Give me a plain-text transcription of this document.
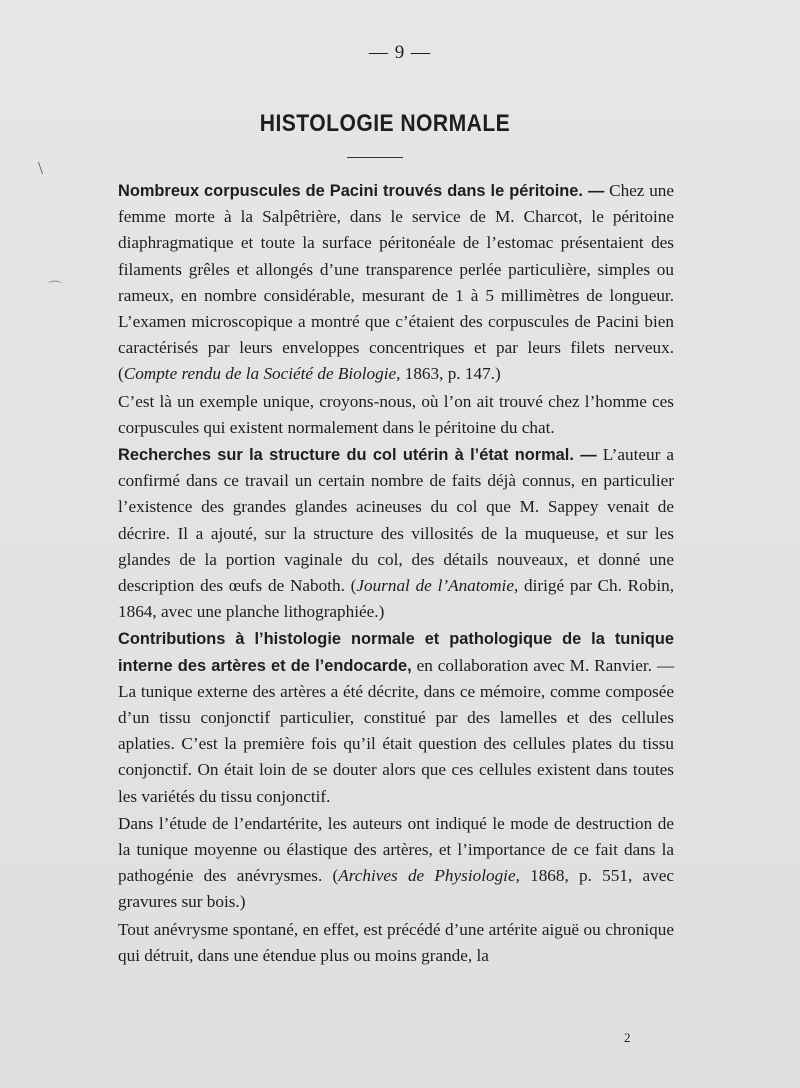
\
⌒
— 9 —
HISTOLOGIE NORMALE

Nombreux corpuscules de Pacini trouvés dans le péritoine. — Chez une femme morte à la Salpêtrière, dans le service de M. Charcot, le péritoine diaphragmatique et toute la surface péritonéale de l’estomac présentaient des filaments grêles et allongés d’une transparence perlée particulière, simples ou rameux, en nombre considérable, mesurant de 1 à 5 millimètres de longueur. L’examen microscopique a montré que c’étaient des corpuscules de Pacini bien caractérisés par leurs enveloppes concentriques et par leurs filets nerveux. (Compte rendu de la Société de Biologie, 1863, p. 147.)

C’est là un exemple unique, croyons-nous, où l’on ait trouvé chez l’homme ces corpuscules qui existent normalement dans le péritoine du chat.

Recherches sur la structure du col utérin à l’état normal. — L’auteur a confirmé dans ce travail un certain nombre de faits déjà connus, en particulier l’existence des grandes glandes acineuses du col que M. Sappey venait de décrire. Il a ajouté, sur la structure des villosités de la muqueuse, et sur les glandes de la portion vaginale du col, des détails nouveaux, et donné une description des œufs de Naboth. (Journal de l’Anatomie, dirigé par Ch. Robin, 1864, avec une planche lithographiée.)

Contributions à l’histologie normale et pathologique de la tunique interne des artères et de l’endocarde, en collaboration avec M. Ranvier. — La tunique externe des artères a été décrite, dans ce mémoire, comme composée d’un tissu conjonctif particulier, constitué par des lamelles et des cellules aplaties. C’est la première fois qu’il était question des cellules plates du tissu conjonctif. On était loin de se douter alors que ces cellules existent dans toutes les variétés du tissu conjonctif.

Dans l’étude de l’endartérite, les auteurs ont indiqué le mode de destruction de la tunique moyenne ou élastique des artères, et l’importance de ce fait dans la pathogénie des anévrysmes. (Archives de Physiologie, 1868, p. 551, avec gravures sur bois.)

Tout anévrysme spontané, en effet, est précédé d’une artérite aiguë ou chronique qui détruit, dans une étendue plus ou moins grande, la

2
